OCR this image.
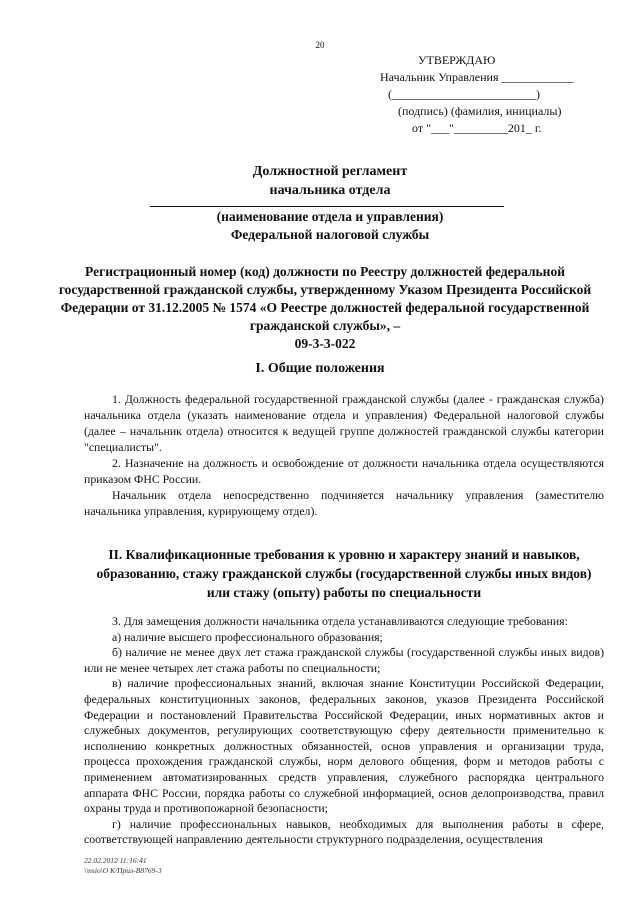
20
УТВЕРЖДАЮ
Начальник Управления ____________
(________________________)
(подпись) (фамилия, инициалы)
от "___"_________201_ г.
Должностной регламент
начальника отдела
(наименование отдела и управления)
Федеральной налоговой службы
Регистрационный номер (код) должности по Реестру должностей федеральной государственной гражданской службы, утвержденному Указом Президента Российской Федерации от 31.12.2005 № 1574 «О Реестре должностей федеральной государственной гражданской службы», –
09-3-3-022
I. Общие положения

1. Должность федеральной государственной гражданской службы (далее - гражданская служба) начальника отдела (указать наименование отдела и управления) Федеральной налоговой службы (далее – начальник отдела) относится к ведущей группе должностей гражданской службы категории "специалисты".

2. Назначение на должность и освобождение от должности начальника отдела осуществляются приказом ФНС России.

Начальник отдела непосредственно подчиняется начальнику управления (заместителю начальника управления, курирующему отдел).

II. Квалификационные требования к уровню и характеру знаний и навыков, образованию, стажу гражданской службы (государственной службы иных видов) или стажу (опыту) работы по специальности

3. Для замещения должности начальника отдела устанавливаются следующие требования:

а) наличие высшего профессионального образования;

б) наличие не менее двух лет стажа гражданской службы (государственной службы иных видов) или не менее четырех лет стажа работы по специальности;

в) наличие профессиональных знаний, включая знание Конституции Российской Федерации, федеральных конституционных законов, федеральных законов, указов Президента Российской Федерации и постановлений Правительства Российской Федерации, иных нормативных актов и служебных документов, регулирующих соответствующую сферу деятельности применительно к исполнению конкретных должностных обязанностей, основ управления и организации труда, процесса прохождения гражданской службы, норм делового общения, форм и методов работы с применением автоматизированных средств управления, служебного распорядка центрального аппарата ФНС России, порядка работы со служебной информацией, основ делопроизводства, правил охраны труда и противопожарной безопасности;

г) наличие профессиональных навыков, необходимых для выполнения работы в сфере, соответствующей направлению деятельности структурного подразделения, осуществления

22.02.2012 11:16:41
\\nsio\О К/Прил-В8769-3
